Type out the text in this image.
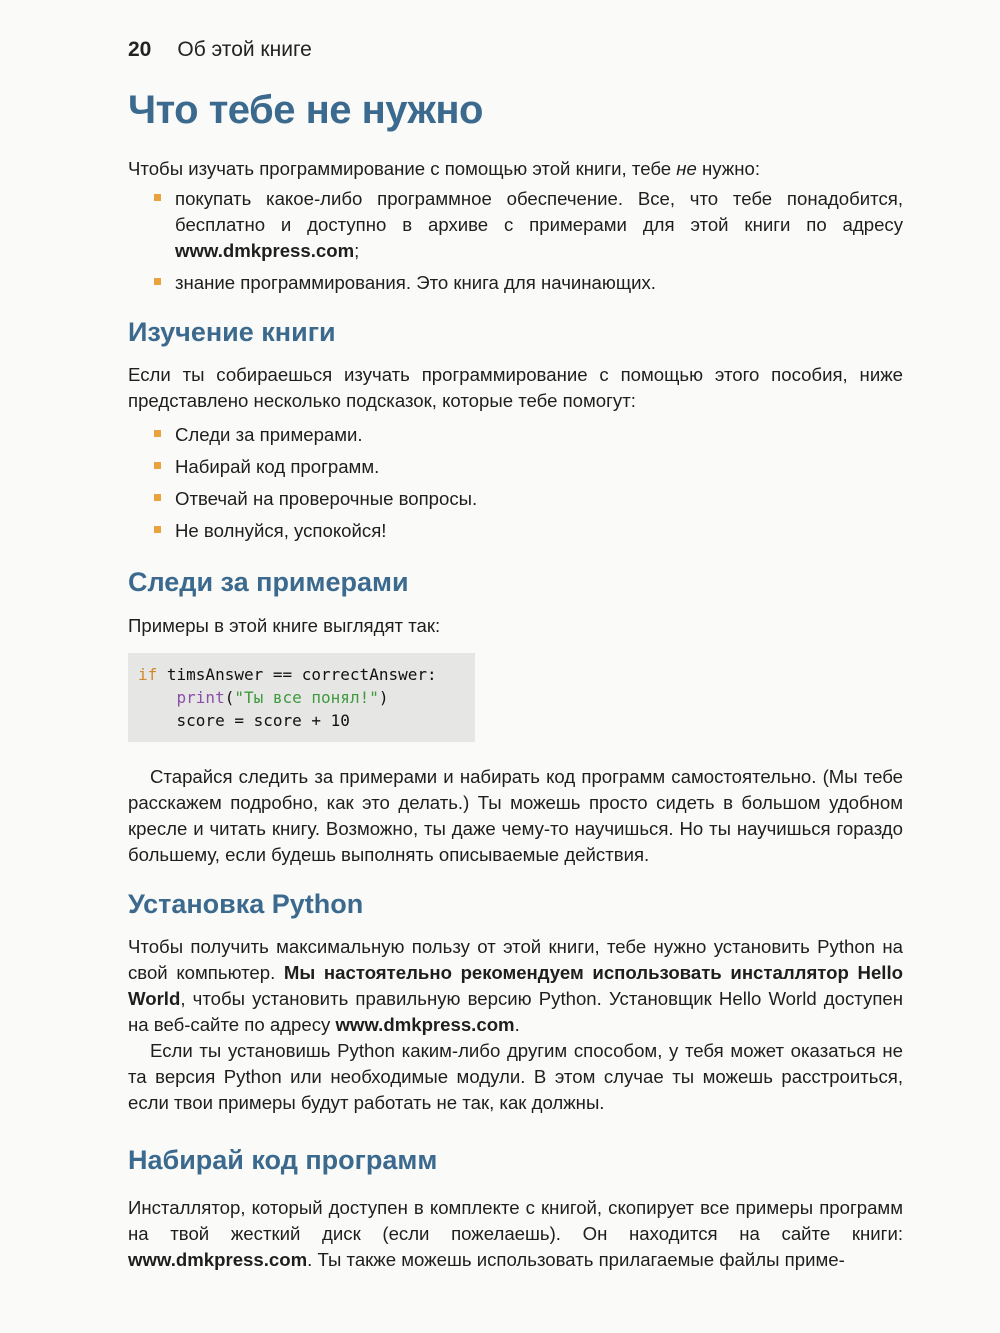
20 Об этой книге
Что тебе не нужно

Чтобы изучать программирование с помощью этой книги, тебе не нужно:

покупать какое-либо программное обеспечение. Все, что тебе понадобится, бесплатно и доступно в архиве с примерами для этой книги по адресу www.dmkpress.com;
знание программирования. Это книга для начинающих.
Изучение книги

Если ты собираешься изучать программирование с помощью этого пособия, ниже представлено несколько подсказок, которые тебе помогут:

Следи за примерами.
Набирай код программ.
Отвечай на проверочные вопросы.
Не волнуйся, успокойся!
Следи за примерами

Примеры в этой книге выглядят так:

if timsAnswer == correctAnswer:
print("Ты все понял!")
score = score + 10

Старайся следить за примерами и набирать код программ самостоятельно. (Мы тебе расскажем подробно, как это делать.) Ты можешь просто сидеть в большом удобном кресле и читать книгу. Возможно, ты даже чему-то научишься. Но ты научишься гораздо большему, если будешь выполнять описываемые действия.

Установка Python

Чтобы получить максимальную пользу от этой книги, тебе нужно установить Python на свой компьютер. Мы настоятельно рекомендуем использовать инсталлятор Hello World, чтобы установить правильную версию Python. Установщик Hello World доступен на веб-сайте по адресу www.dmkpress.com.

Если ты установишь Python каким-либо другим способом, у тебя может оказаться не та версия Python или необходимые модули. В этом случае ты можешь расстроиться, если твои примеры будут работать не так, как должны.

Набирай код программ

Инсталлятор, который доступен в комплекте с книгой, скопирует все примеры программ на твой жесткий диск (если пожелаешь). Он находится на сайте книги: www.dmkpress.com. Ты также можешь использовать прилагаемые файлы приме-
